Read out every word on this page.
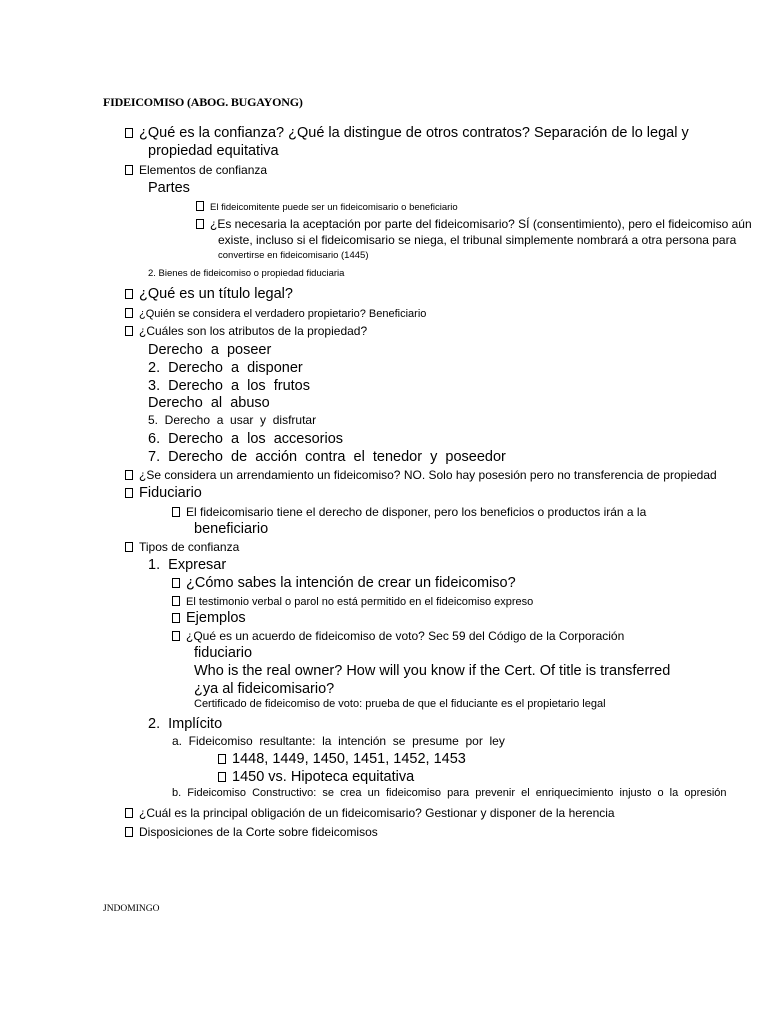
FIDEICOMISO (ABOG. BUGAYONG)
¿Qué es la confianza? ¿Qué la distingue de otros contratos? Separación de lo legal y
propiedad equitativa
Elementos de confianza
Partes
El fideicomitente puede ser un fideicomisario o beneficiario
¿Es necesaria la aceptación por parte del fideicomisario? SÍ (consentimiento), pero el fideicomiso aún
existe, incluso si el fideicomisario se niega, el tribunal simplemente nombrará a otra persona para
convertirse en fideicomisario (1445)
2. Bienes de fideicomiso o propiedad fiduciaria
¿Qué es un título legal?
¿Quién se considera el verdadero propietario? Beneficiario
¿Cuáles son los atributos de la propiedad?
Derecho  a  poseer
2.  Derecho  a  disponer
3.  Derecho  a  los  frutos
Derecho  al  abuso
5.  Derecho  a  usar  y  disfrutar
6.  Derecho  a  los  accesorios
7.  Derecho  de  acción  contra  el  tenedor  y  poseedor
¿Se considera un arrendamiento un fideicomiso? NO. Solo hay posesión pero no transferencia de propiedad
Fiduciario
El fideicomisario tiene el derecho de disponer, pero los beneficios o productos irán a la
beneficiario
Tipos de confianza
1.  Expresar
¿Cómo sabes la intención de crear un fideicomiso?
El testimonio verbal o parol no está permitido en el fideicomiso expreso
Ejemplos
¿Qué es un acuerdo de fideicomiso de voto? Sec 59 del Código de la Corporación
fiduciario
Who is the real owner? How will you know if the Cert. Of title is transferred
¿ya al fideicomisario?
Certificado de fideicomiso de voto: prueba de que el fiduciante es el propietario legal
2.  Implícito
a.  Fideicomiso  resultante:  la  intención  se  presume  por  ley
1448, 1449, 1450, 1451, 1452, 1453
1450 vs. Hipoteca equitativa
b.  Fideicomiso  Constructivo:  se  crea  un  fideicomiso  para  prevenir  el  enriquecimiento  injusto  o  la  opresión
¿Cuál es la principal obligación de un fideicomisario? Gestionar y disponer de la herencia
Disposiciones de la Corte sobre fideicomisos
JNDOMINGO
